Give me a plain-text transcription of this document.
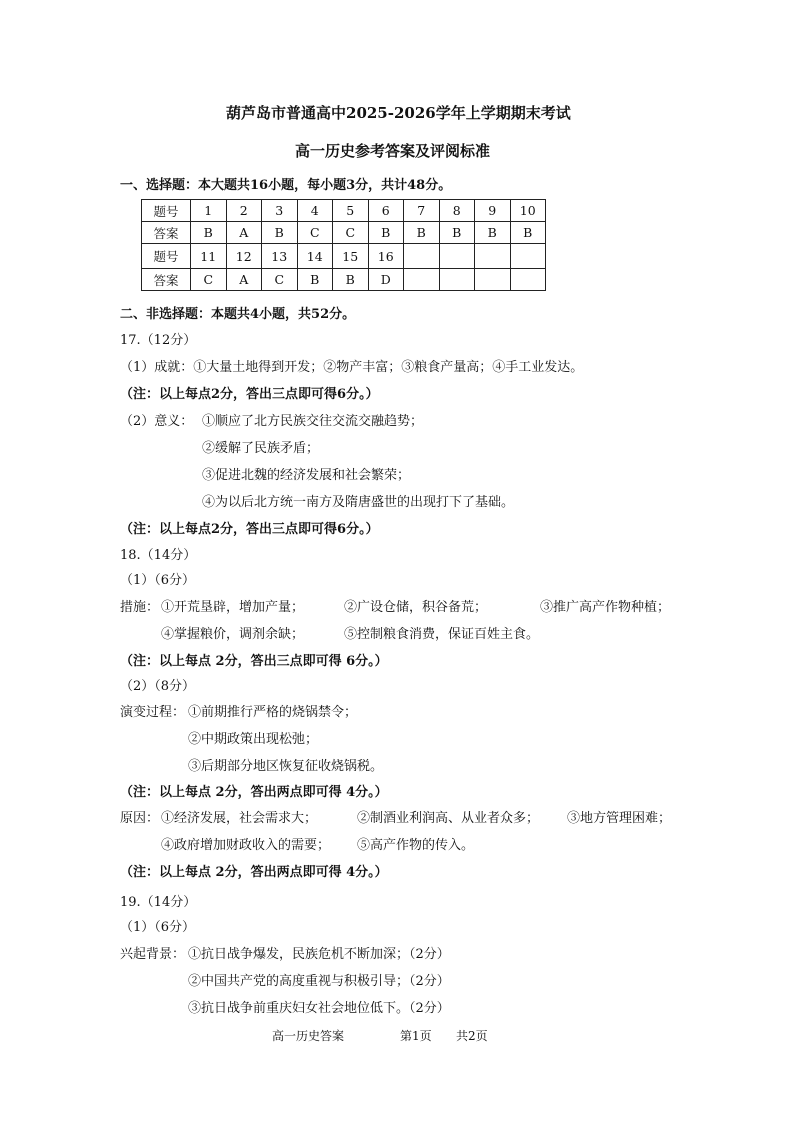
葫芦岛市普通高中2025-2026学年上学期期末考试
高一历史参考答案及评阅标准
一、选择题：本大题共16小题，每小题3分，共计48分。
题号	1	2	3	4	5	6	7	8	9	10
答案	B	A	B	C	C	B	B	B	B	B
题号	11	12	13	14	15	16				
答案	C	A	C	B	B	D				
二、非选择题：本题共4小题，共52分。
17.（12分）
（1）成就：①大量土地得到开发；②物产丰富；③粮食产量高；④手工业发达。
（注：以上每点2分，答出三点即可得6分。）
（2）意义： ①顺应了北方民族交往交流交融趋势；
②缓解了民族矛盾；
③促进北魏的经济发展和社会繁荣；
④为以后北方统一南方及隋唐盛世的出现打下了基础。
（注：以上每点2分，答出三点即可得6分。）
18.（14分）
（1）（6分）
措施： ①开荒垦辟，增加产量；	②广设仓储，积谷备荒；	③推广高产作物种植；
④掌握粮价，调剂余缺；	⑤控制粮食消费，保证百姓主食。
（注：以上每点 2分，答出三点即可得 6分。）
（2）（8分）
演变过程： ①前期推行严格的烧锅禁令；
②中期政策出现松弛；
③后期部分地区恢复征收烧锅税。
（注：以上每点 2分，答出两点即可得 4分。）
原因： ①经济发展，社会需求大；	②制酒业利润高、从业者众多； ③地方管理困难；
④政府增加财政收入的需要； ⑤高产作物的传入。
（注：以上每点 2分，答出两点即可得 4分。）
19.（14分）
（1）（6分）
兴起背景： ①抗日战争爆发，民族危机不断加深；（2分）
②中国共产党的高度重视与积极引导；（2分）
③抗日战争前重庆妇女社会地位低下。（2分）
高一历史答案	第1页 共2页
